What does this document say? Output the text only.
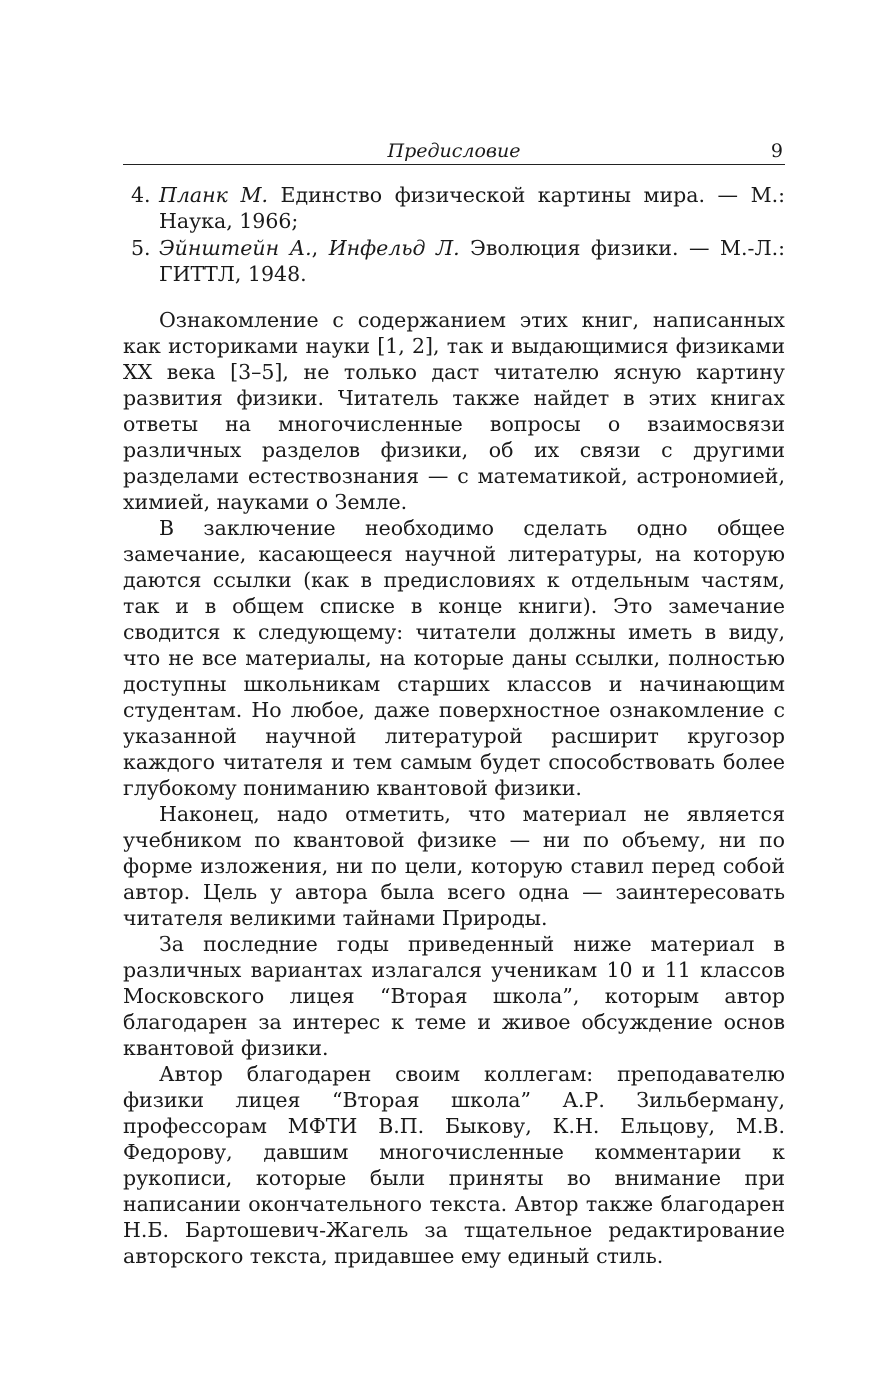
Предисловие	9
4. Планк М. Единство физической картины мира. — М.: Наука, 1966;
5. Эйнштейн А., Инфельд Л. Эволюция физики. — М.-Л.: ГИТТЛ, 1948.

Ознакомление с содержанием этих книг, написанных как историками науки [1, 2], так и выдающимися физиками XX века [3–5], не только даст читателю ясную картину развития физики. Читатель также найдет в этих книгах ответы на многочисленные вопросы о взаимосвязи различных разделов физики, об их связи с другими разделами естествознания — с математикой, астрономией, химией, науками о Земле.

В заключение необходимо сделать одно общее замечание, касающееся научной литературы, на которую даются ссылки (как в предисловиях к отдельным частям, так и в общем списке в конце книги). Это замечание сводится к следующему: читатели должны иметь в виду, что не все материалы, на которые даны ссылки, полностью доступны школьникам старших классов и начинающим студентам. Но любое, даже поверхностное ознакомление с указанной научной литературой расширит кругозор каждого читателя и тем самым будет способствовать более глубокому пониманию квантовой физики.

Наконец, надо отметить, что материал не является учебником по квантовой физике — ни по объему, ни по форме изложения, ни по цели, которую ставил перед собой автор. Цель у автора была всего одна — заинтересовать читателя великими тайнами Природы.

За последние годы приведенный ниже материал в различных вариантах излагался ученикам 10 и 11 классов Московского лицея “Вторая школа”, которым автор благодарен за интерес к теме и живое обсуждение основ квантовой физики.

Автор благодарен своим коллегам: преподавателю физики лицея “Вторая школа” А.Р. Зильберману, профессорам МФТИ В.П. Быкову, К.Н. Ельцову, М.В. Федорову, давшим многочисленные комментарии к рукописи, которые были приняты во внимание при написании окончательного текста. Автор также благодарен Н.Б. Бартошевич-Жагель за тщательное редактирование авторского текста, придавшее ему единый стиль.
